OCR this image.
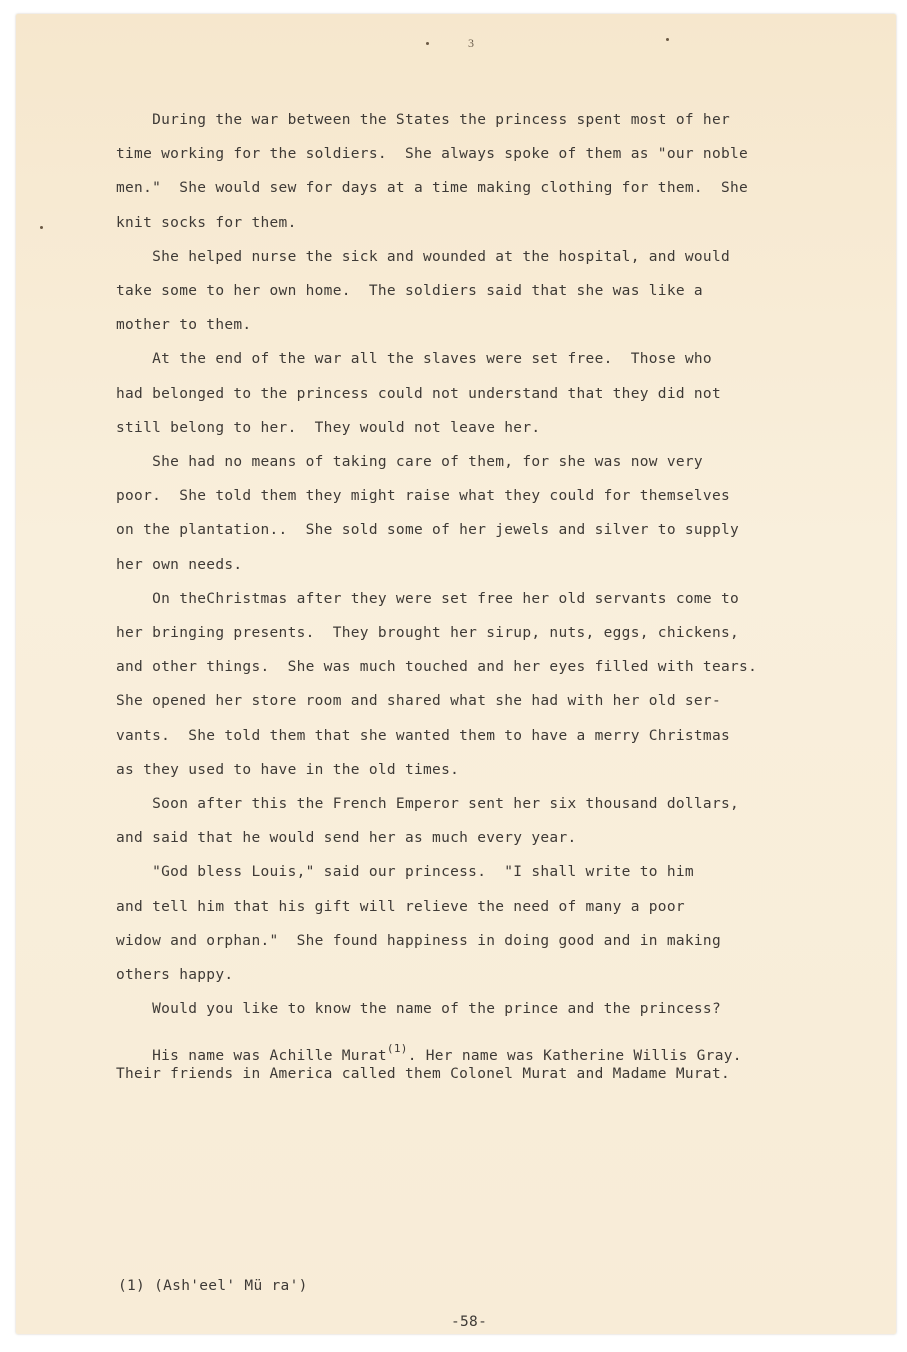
3
During the war between the States the princess spent most of her
time working for the soldiers.  She always spoke of them as "our noble
men."  She would sew for days at a time making clothing for them.  She
knit socks for them.
She helped nurse the sick and wounded at the hospital, and would
take some to her own home.  The soldiers said that she was like a
mother to them.
At the end of the war all the slaves were set free.  Those who
had belonged to the princess could not understand that they did not
still belong to her.  They would not leave her.
She had no means of taking care of them, for she was now very
poor.  She told them they might raise what they could for themselves
on the plantation..  She sold some of her jewels and silver to supply
her own needs.
On theChristmas after they were set free her old servants come to
her bringing presents.  They brought her sirup, nuts, eggs, chickens,
and other things.  She was much touched and her eyes filled with tears.
She opened her store room and shared what she had with her old ser-
vants.  She told them that she wanted them to have a merry Christmas
as they used to have in the old times.
Soon after this the French Emperor sent her six thousand dollars,
and said that he would send her as much every year.
"God bless Louis," said our princess.  "I shall write to him
and tell him that his gift will relieve the need of many a poor
widow and orphan."  She found happiness in doing good and in making
others happy.
Would you like to know the name of the prince and the princess?

His name was Achille Murat$^{(1)}$. Her name was Katherine Willis Gray.

Their friends in America called them Colonel Murat and Madame Murat.
(1) (Ash'eel' Mü ra')
-58-
